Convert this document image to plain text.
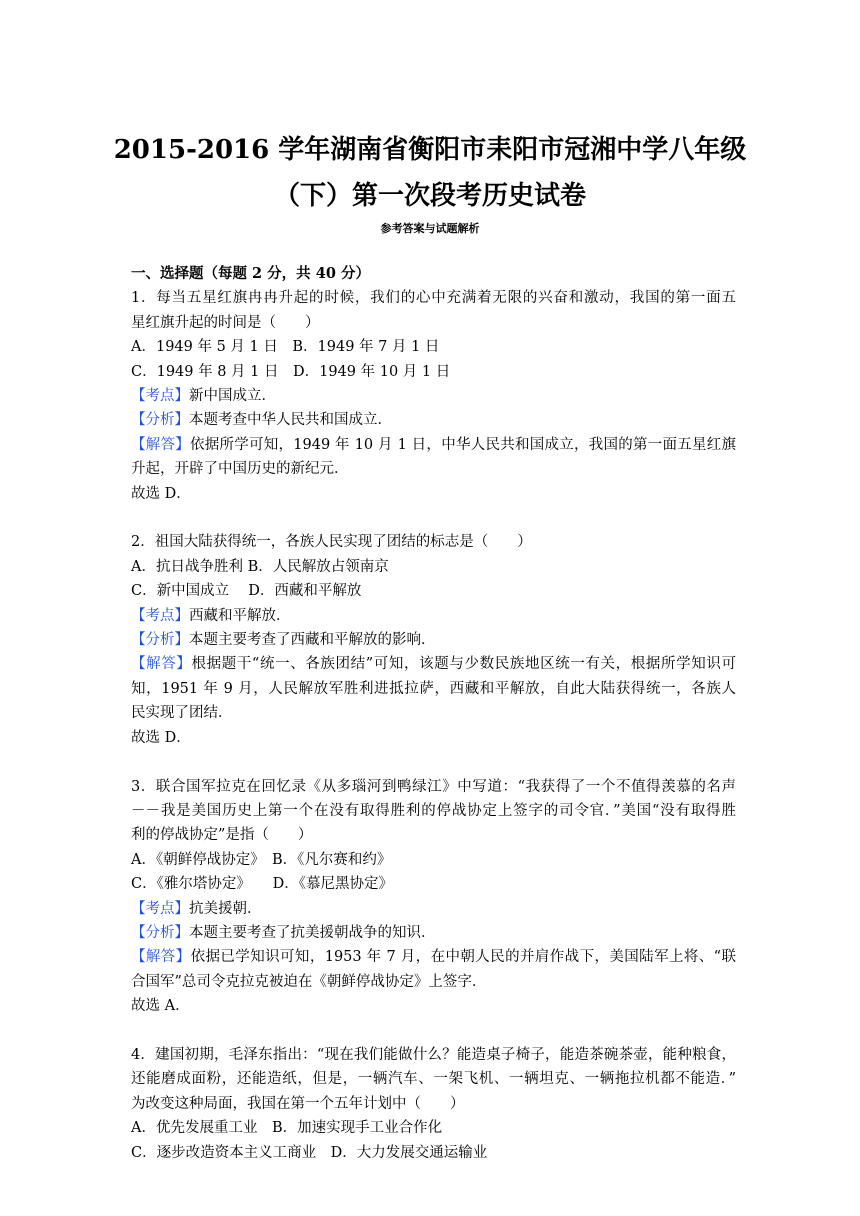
2015-2016 学年湖南省衡阳市耒阳市冠湘中学八年级
（下）第一次段考历史试卷
参考答案与试题解析
一、选择题（每题 2 分，共 40 分）
1．每当五星红旗冉冉升起的时候，我们的心中充满着无限的兴奋和激动，我国的第一面五
星红旗升起的时间是（　　）
A．1949 年 5 月 1 日　B．1949 年 7 月 1 日
C．1949 年 8 月 1 日　D．1949 年 10 月 1 日
【考点】新中国成立．
【分析】本题考查中华人民共和国成立．
【解答】依据所学可知，1949 年 10 月 1 日，中华人民共和国成立，我国的第一面五星红旗
升起，开辟了中国历史的新纪元．
故选 D．
2．祖国大陆获得统一，各族人民实现了团结的标志是（　　）
A．抗日战争胜利 B．人民解放占领南京
C．新中国成立　 D．西藏和平解放
【考点】西藏和平解放．
【分析】本题主要考查了西藏和平解放的影响．
【解答】根据题干“统一、各族团结”可知，该题与少数民族地区统一有关，根据所学知识可
知，1951 年 9 月，人民解放军胜利进抵拉萨，西藏和平解放，自此大陆获得统一，各族人
民实现了团结．
故选 D．
3．联合国军拉克在回忆录《从多瑙河到鸭绿江》中写道：“我获得了一个不值得羡慕的名声
－－我是美国历史上第一个在没有取得胜利的停战协定上签字的司令官．”美国“没有取得胜
利的停战协定”是指（　　）
A．《朝鲜停战协定》　B．《凡尔赛和约》
C．《雅尔塔协定》　　D．《慕尼黑协定》
【考点】抗美援朝．
【分析】本题主要考查了抗美援朝战争的知识．
【解答】依据已学知识可知，1953 年 7 月，在中朝人民的并肩作战下，美国陆军上将、“联
合国军”总司令克拉克被迫在《朝鲜停战协定》上签字．
故选 A．
4．建国初期，毛泽东指出：“现在我们能做什么？能造桌子椅子，能造茶碗茶壶，能种粮食，
还能磨成面粉，还能造纸，但是，一辆汽车、一架飞机、一辆坦克、一辆拖拉机都不能造．”
为改变这种局面，我国在第一个五年计划中（　　）
A．优先发展重工业　B．加速实现手工业合作化
C．逐步改造资本主义工商业　D．大力发展交通运输业
